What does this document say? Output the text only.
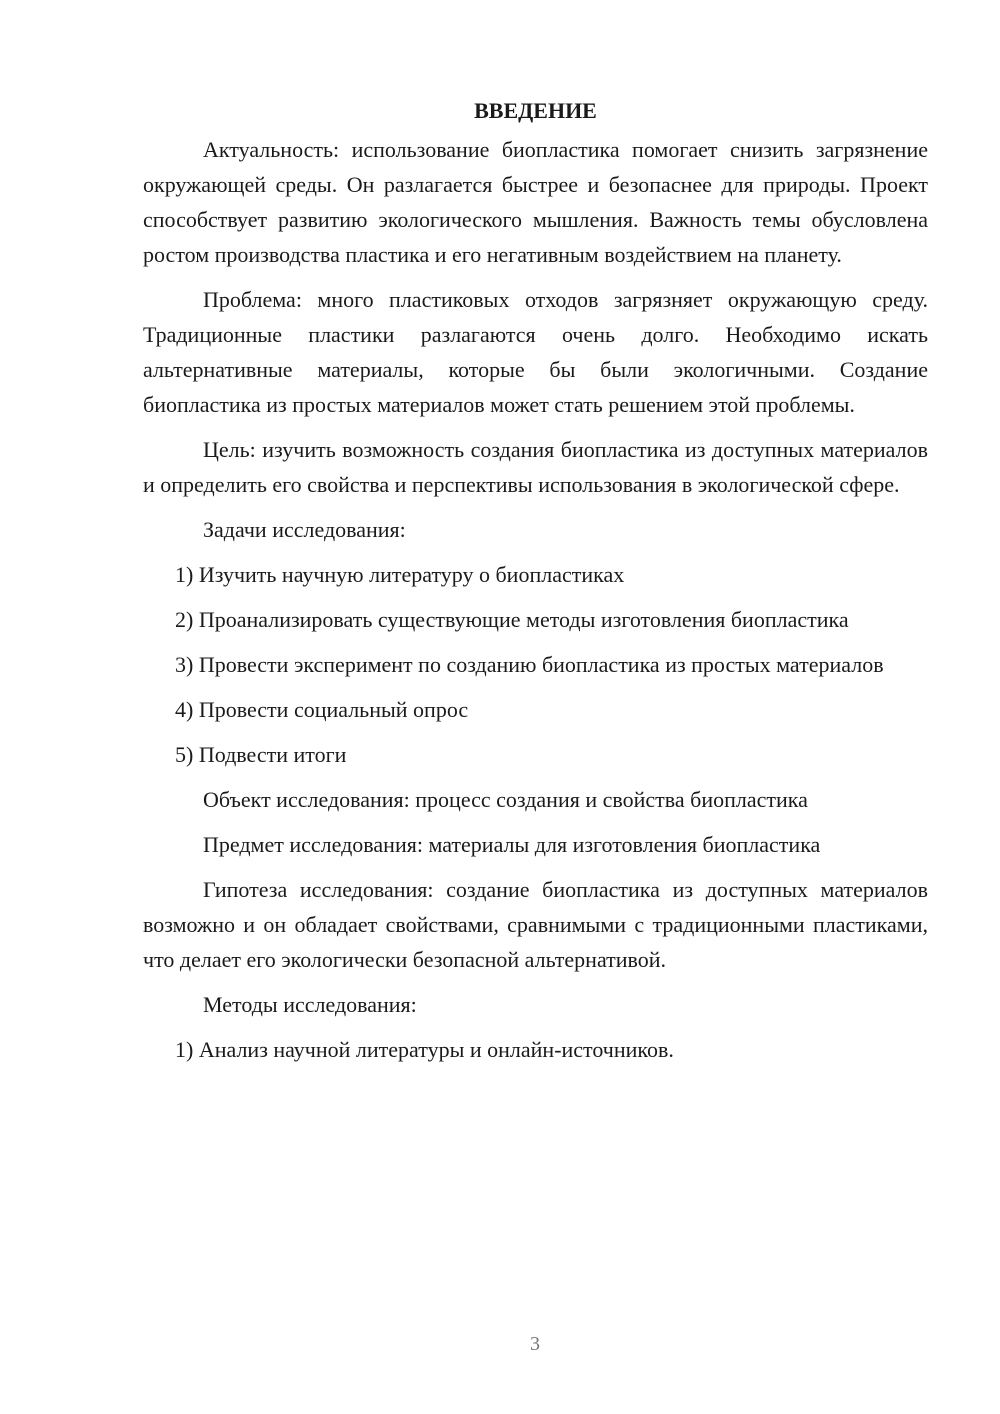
ВВЕДЕНИЕ

Актуальность: использование биопластика помогает снизить загрязнение окружающей среды. Он разлагается быстрее и безопаснее для природы. Проект способствует развитию экологического мышления. Важность темы обусловлена ростом производства пластика и его негативным воздействием на планету.

Проблема: много пластиковых отходов загрязняет окружающую среду. Традиционные пластики разлагаются очень долго. Необходимо искать альтернативные материалы, которые бы были экологичными. Создание биопластика из простых материалов может стать решением этой проблемы.

Цель: изучить возможность создания биопластика из доступных материалов и определить его свойства и перспективы использования в экологической сфере.

Задачи исследования:

1) Изучить научную литературу о биопластиках

2) Проанализировать существующие методы изготовления биопластика

3) Провести эксперимент по созданию биопластика из простых материалов

4) Провести социальный опрос

5) Подвести итоги

Объект исследования: процесс создания и свойства биопластика

Предмет исследования: материалы для изготовления биопластика

Гипотеза исследования: создание биопластика из доступных материалов возможно и он обладает свойствами, сравнимыми с традиционными пластиками, что делает его экологически безопасной альтернативой.

Методы исследования:

1) Анализ научной литературы и онлайн-источников.

3
